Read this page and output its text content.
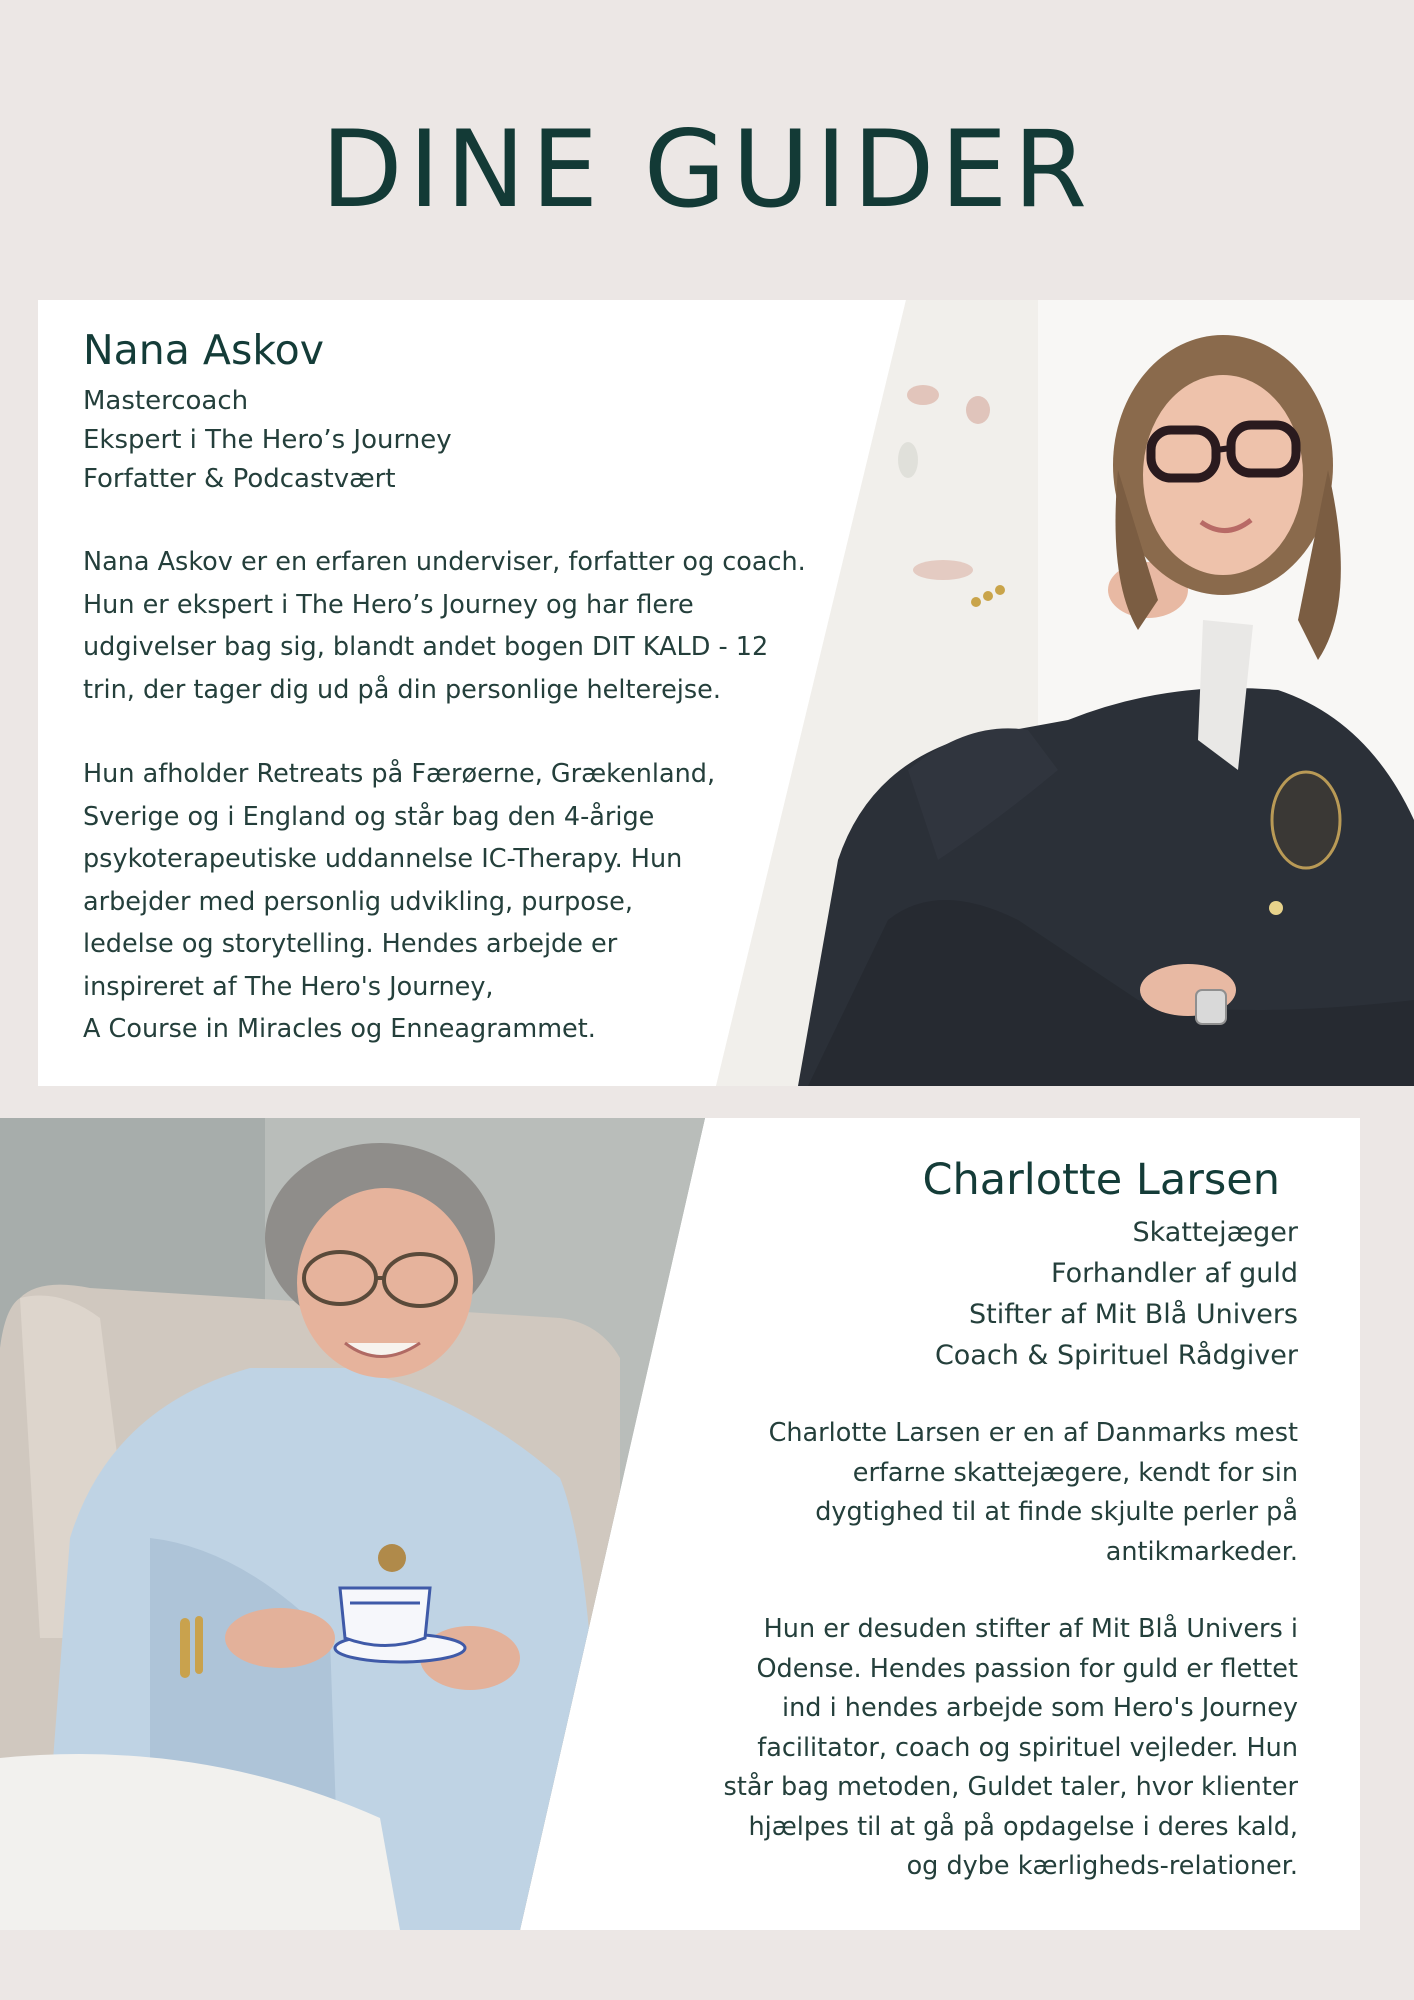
DINE GUIDER
Nana Askov

Mastercoach

Ekspert i The Hero’s Journey

Forfatter & Podcastvært

Nana Askov er en erfaren underviser, forfatter og coach.

Hun er ekspert i The Hero’s Journey og har flere

udgivelser bag sig, blandt andet bogen DIT KALD - 12

trin, der tager dig ud på din personlige helterejse.

Hun afholder Retreats på Færøerne, Grækenland,

Sverige og i England og står bag den 4-årige

psykoterapeutiske uddannelse IC-Therapy. Hun

arbejder med personlig udvikling, purpose,

ledelse og storytelling. Hendes arbejde er

inspireret af The Hero's Journey,

A Course in Miracles og Enneagrammet.

Charlotte Larsen

Skattejæger

Forhandler af guld

Stifter af Mit Blå Univers

Coach & Spirituel Rådgiver

Charlotte Larsen er en af Danmarks mest

erfarne skattejægere, kendt for sin

dygtighed til at finde skjulte perler på

antikmarkeder.

Hun er desuden stifter af Mit Blå Univers i

Odense. Hendes passion for guld er flettet

ind i hendes arbejde som Hero's Journey

facilitator, coach og spirituel vejleder. Hun

står bag metoden, Guldet taler, hvor klienter

hjælpes til at gå på opdagelse i deres kald,

og dybe kærligheds-relationer.
